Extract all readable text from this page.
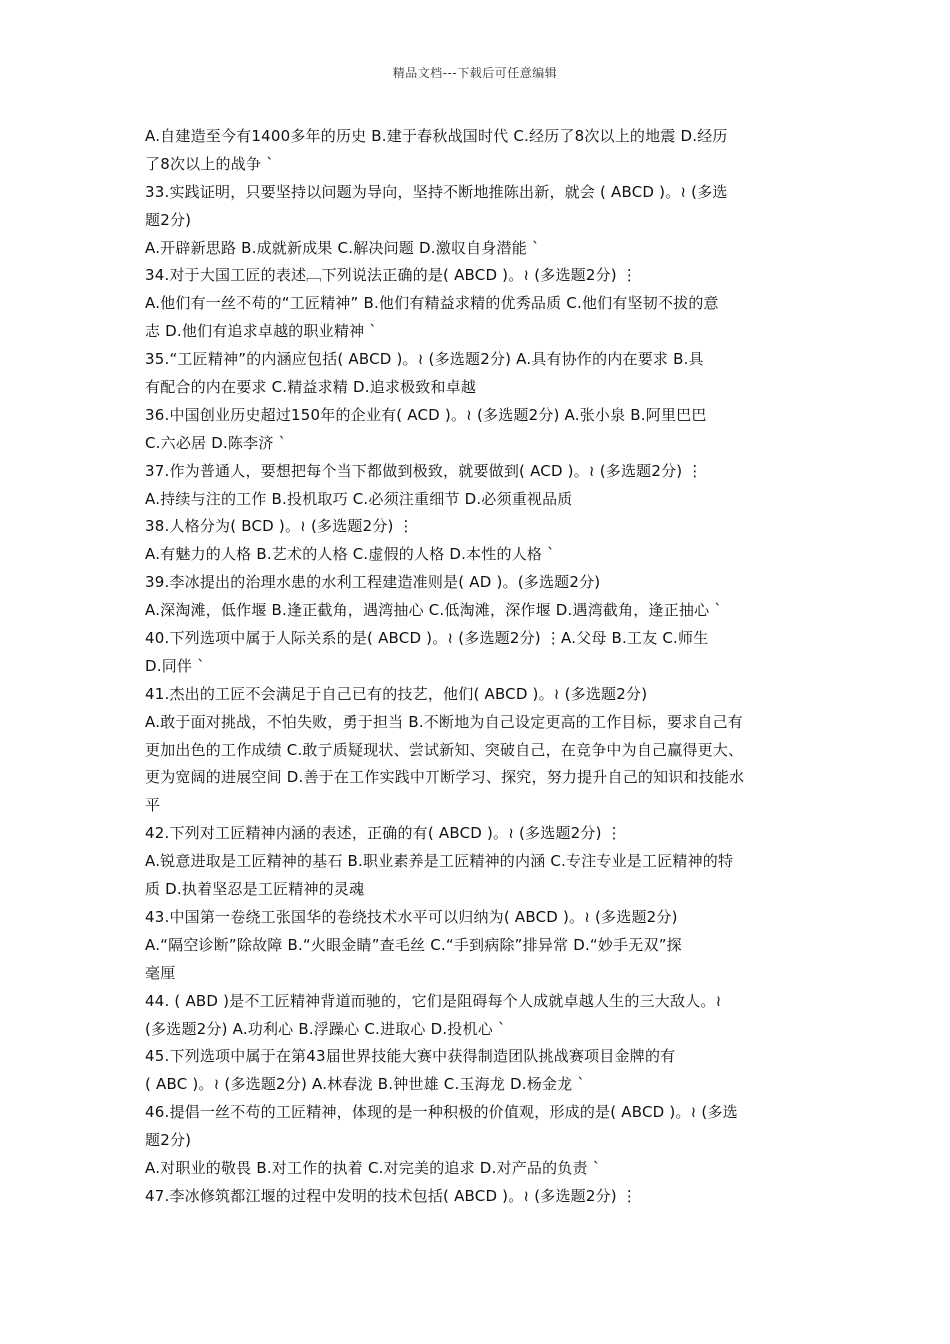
精品文档---下载后可任意编辑
A.自建造至今有1400多年的历史 B.建于春秋战国时代 C.经历了8次以上的地震 D.经历
了8次以上的战争 `
33.实践证明，只要坚持以问题为导向，坚持不断地推陈出新，就会 ( ABCD )。≀ (多选
题2分)
A.开辟新思路 B.成就新成果 C.解决问题 D.激収自身潜能 `
34.对于大国工匠的表述﹇下列说法正确的是( ABCD )。≀ (多选题2分) ⋮
A.他们有一丝不苟的“工匠精神” B.他们有精益求精的优秀品质 C.他们有坚韧不拔的意
志 D.他们有追求卓越的职业精神 `
35.“工匠精神”的内涵应包括( ABCD )。≀ (多选题2分) A.具有协作的内在要求 B.具
有配合的内在要求 C.精益求精 D.追求极致和卓越
36.中国创业历史超过150年的企业有( ACD )。≀ (多选题2分) A.张小泉 B.阿里巴巴
C.六必居 D.陈李济 `
37.作为普通人，要想把每个当下都做到极致，就要做到( ACD )。≀ (多选题2分) ⋮
A.持续与注的工作 B.投机取巧 C.必须注重细节 D.必须重视品质
38.人格分为( BCD )。≀ (多选题2分) ⋮
A.有魅力的人格 B.艺术的人格 C.虚假的人格 D.本性的人格 `
39.李冰提出的治理水患的水利工程建造准则是( AD )。(多选题2分)
A.深淘滩，低作堰 B.逢正截角，遇湾抽心 C.低淘滩，深作堰 D.遇湾截角，逢正抽心 `
40.下列选项中属于人际关系的是( ABCD )。≀ (多选题2分) ⋮A.父母 B.工友 C.师生
D.同伴 `
41.杰出的工匠不会满足于自己已有的技艺，他们( ABCD )。≀ (多选题2分)
A.敢于面对挑战，不怕失败，勇于担当 B.不断地为自己设定更高的工作目标，要求自己有
更加出色的工作成绩 C.敢亍质疑现状、尝试新知、突破自己，在竞争中为自己赢得更大、
更为宽阔的进展空间 D.善于在工作实践中丌断学习、探究，努力提升自己的知识和技能水
平
42.下列对工匠精神内涵的表述，正确的有( ABCD )。≀ (多选题2分) ⋮
A.锐意进取是工匠精神的基石 B.职业素养是工匠精神的内涵 C.专注专业是工匠精神的特
质 D.执着坚忍是工匠精神的灵魂
43.中国第一卷绕工张国华的卷绕技术水平可以归纳为( ABCD )。≀ (多选题2分)
A.“隔空诊断”除故障 B.“火眼金睛”查毛丝 C.“手到病除”排异常 D.“妙手无双”探
毫厘
44. ( ABD )是不工匠精神背道而驰的，它们是阻碍每个人成就卓越人生的三大敌人。≀
(多选题2分) A.功利心 B.浮躁心 C.进取心 D.投机心 `
45.下列选项中属于在第43届世界技能大赛中获得制造团队挑战赛项目金牌的有
( ABC )。≀ (多选题2分) A.林春泷 B.钟世雄 C.玉海龙 D.杨金龙 `
46.提倡一丝不苟的工匠精神，体现的是一种积极的价值观，形成的是( ABCD )。≀ (多选
题2分)
A.对职业的敬畏 B.对工作的执着 C.对完美的追求 D.对产品的负责 `
47.李冰修筑都江堰的过程中发明的技术包括( ABCD )。≀ (多选题2分) ⋮
